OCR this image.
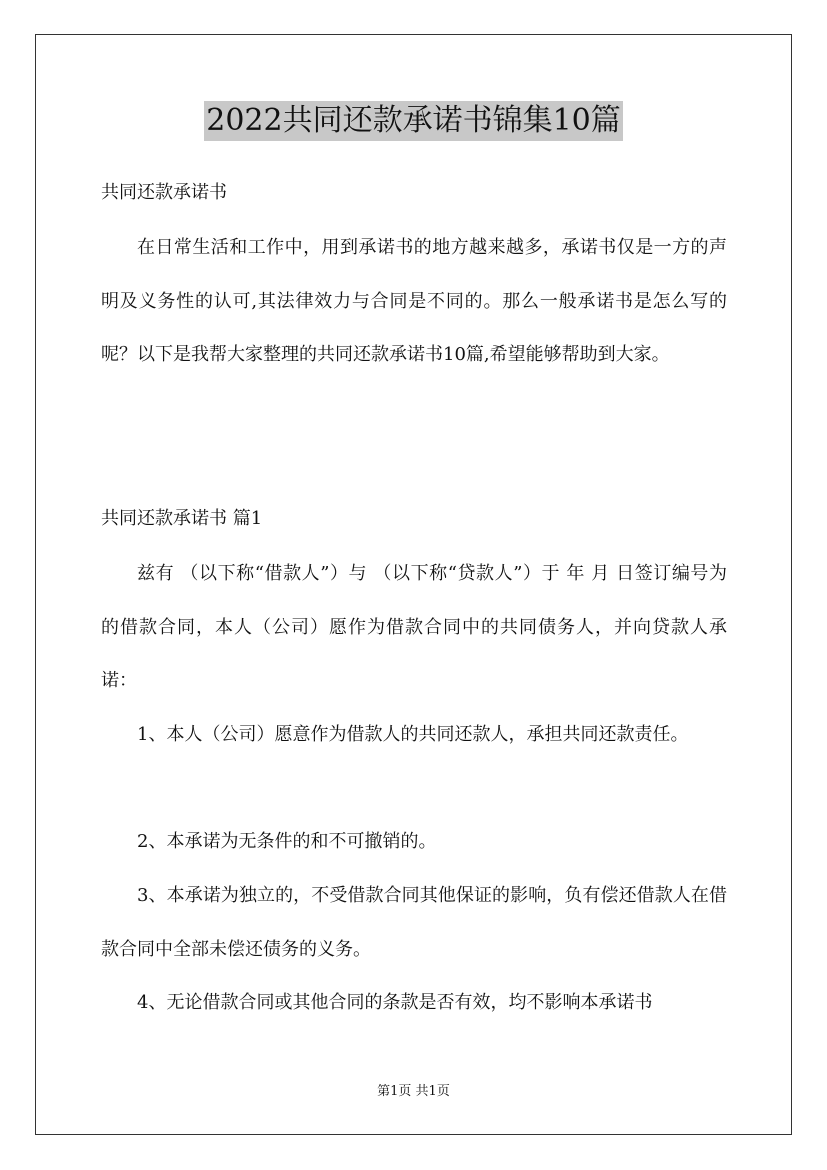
2022共同还款承诺书锦集10篇
共同还款承诺书
在日常生活和工作中，用到承诺书的地方越来越多，承诺书仅是一方的声明及义务性的认可,其法律效力与合同是不同的。那么一般承诺书是怎么写的呢？以下是我帮大家整理的共同还款承诺书10篇,希望能够帮助到大家。
共同还款承诺书 篇1
兹有 （以下称“借款人”）与 （以下称“贷款人”）于 年 月 日签订编号为 的借款合同，本人（公司）愿作为借款合同中的共同债务人，并向贷款人承诺：
1、本人（公司）愿意作为借款人的共同还款人，承担共同还款责任。
2、本承诺为无条件的和不可撤销的。
3、本承诺为独立的，不受借款合同其他保证的影响，负有偿还借款人在借款合同中全部未偿还债务的义务。
4、无论借款合同或其他合同的条款是否有效，均不影响本承诺书
第1页 共1页
